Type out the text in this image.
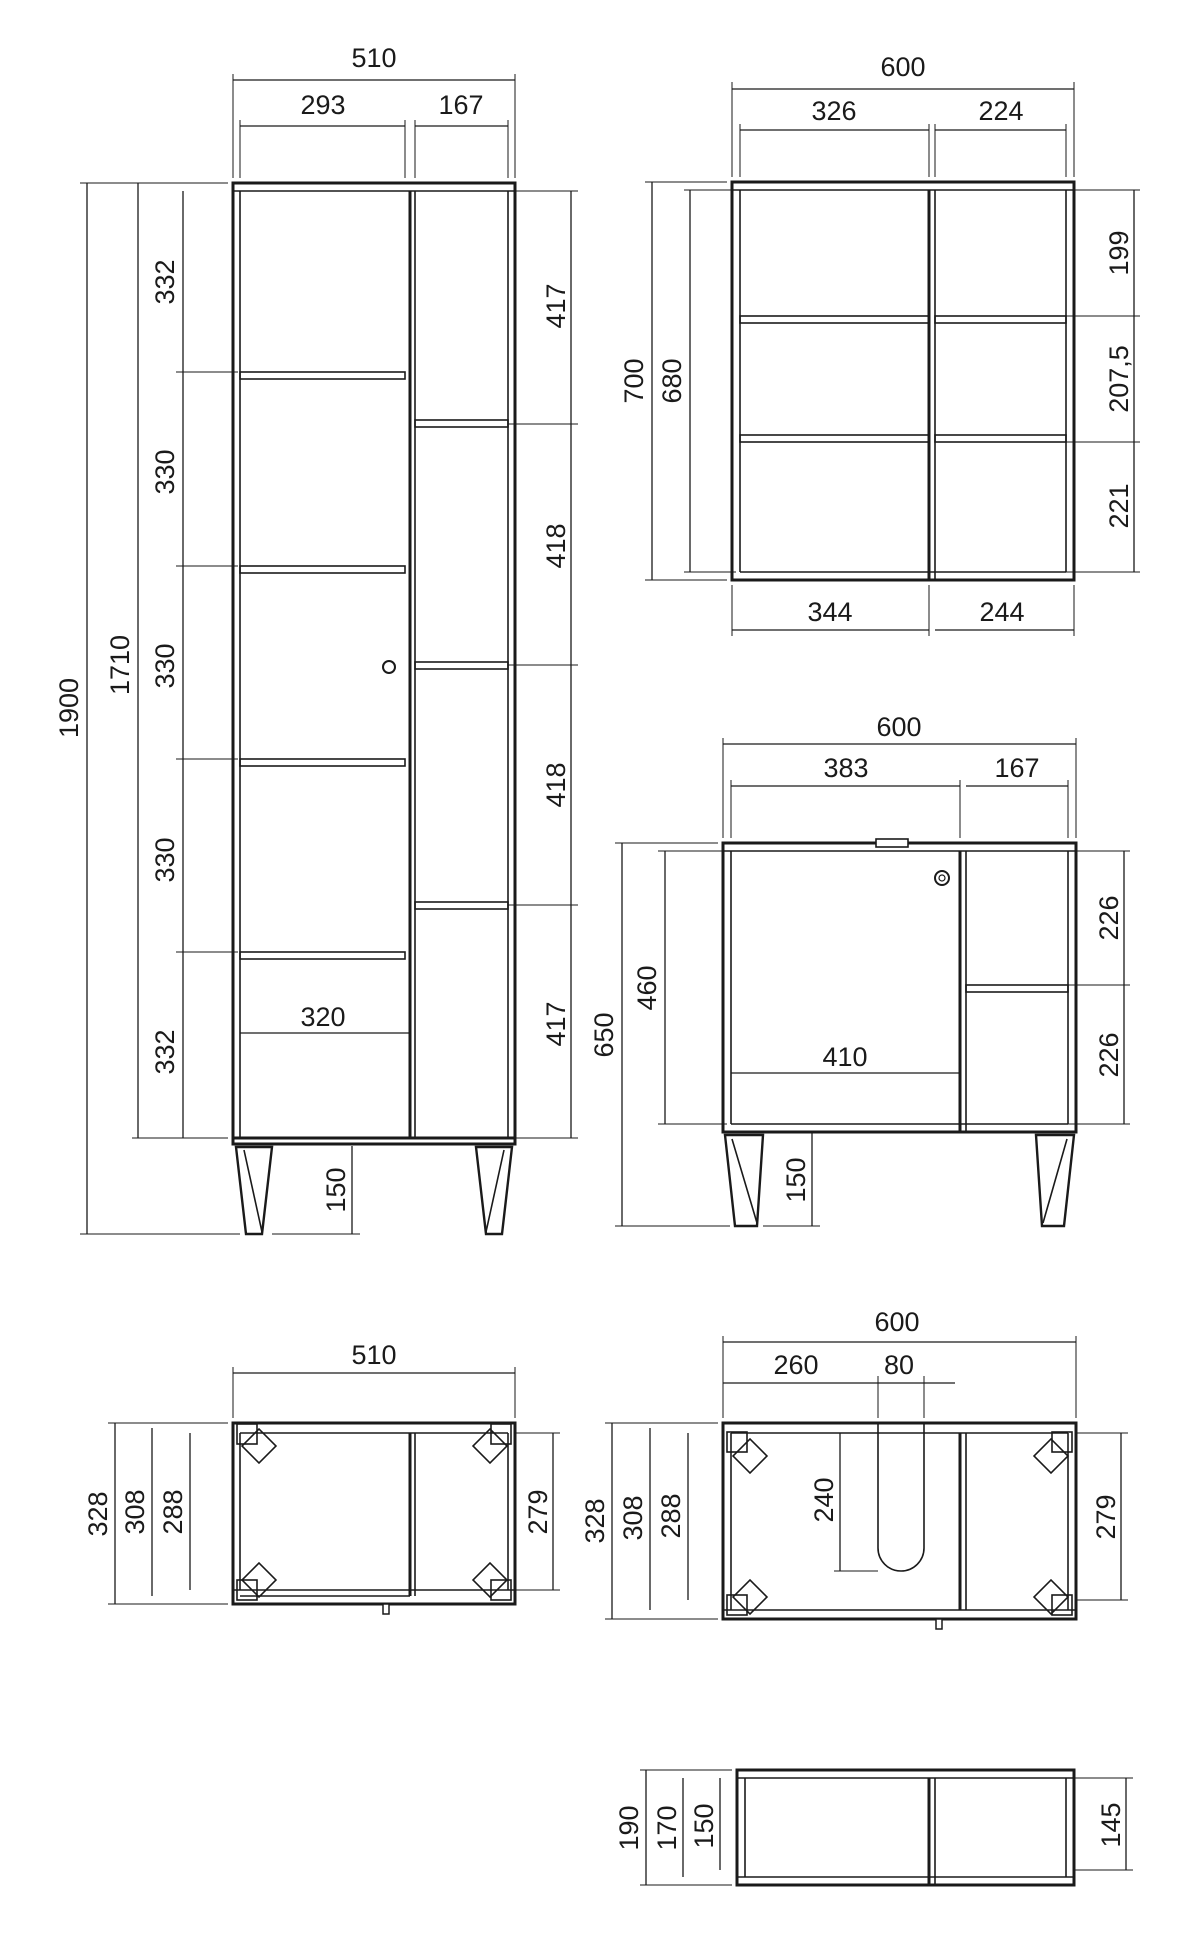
510
293	167
1900
1710
332
330
330
330
332
417
418
418
417
320
150
600
326	224
700 680
199
207,5
221
344	244
600
383	167
650
460
410
226
226
150
510
328 308 288	279
600
260 80
240
328 308 288	279
190 170 150	145
